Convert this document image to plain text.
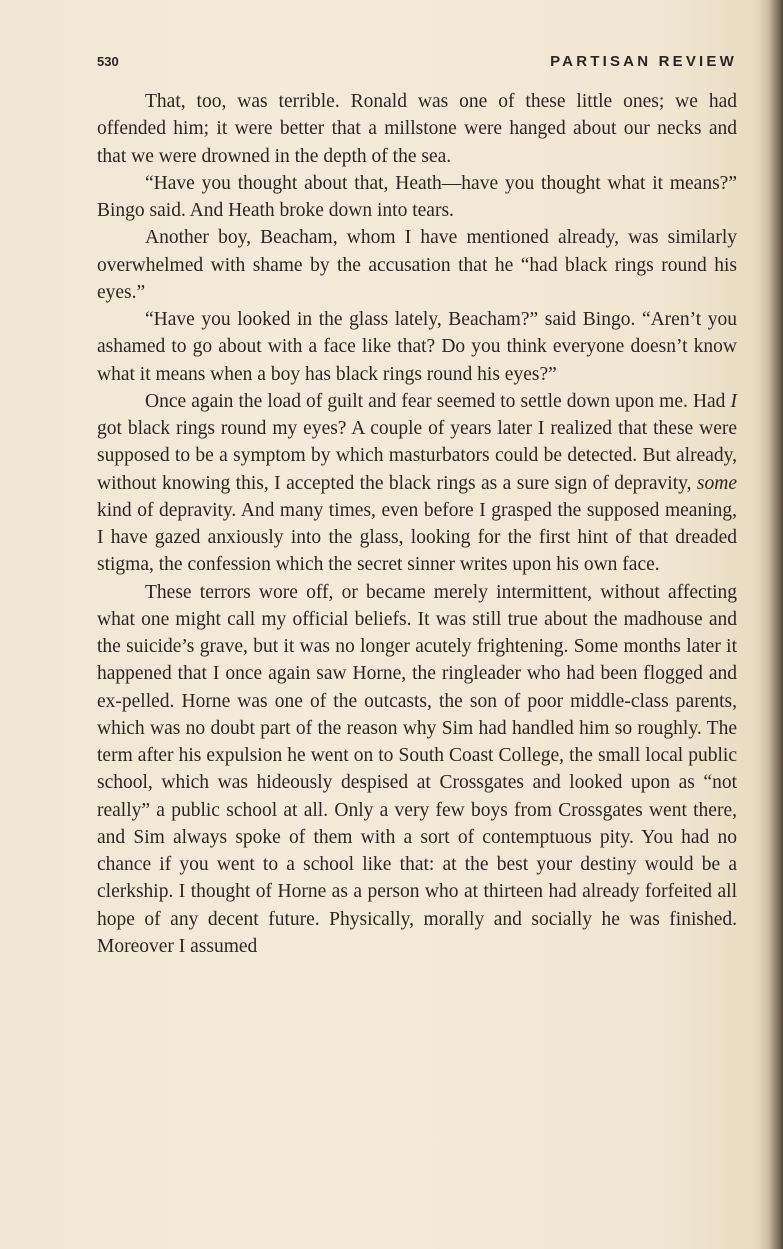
530	PARTISAN REVIEW

That, too, was terrible. Ronald was one of these little ones; we had offended him; it were better that a millstone were hanged about our necks and that we were drowned in the depth of the sea.

“Have you thought about that, Heath—have you thought what it means?” Bingo said. And Heath broke down into tears.

Another boy, Beacham, whom I have mentioned already, was similarly overwhelmed with shame by the accusation that he “had black rings round his eyes.”

“Have you looked in the glass lately, Beacham?” said Bingo. “Aren’t you ashamed to go about with a face like that? Do you think everyone doesn’t know what it means when a boy has black rings round his eyes?”

Once again the load of guilt and fear seemed to settle down upon me. Had I got black rings round my eyes? A couple of years later I realized that these were supposed to be a symptom by which masturbators could be detected. But already, without knowing this, I accepted the black rings as a sure sign of depravity, some kind of depravity. And many times, even before I grasped the supposed meaning, I have gazed anxiously into the glass, looking for the first hint of that dreaded stigma, the confession which the secret sinner writes upon his own face.

These terrors wore off, or became merely intermittent, without affecting what one might call my official beliefs. It was still true about the madhouse and the suicide’s grave, but it was no longer acutely frightening. Some months later it happened that I once again saw Horne, the ringleader who had been flogged and ex-pelled. Horne was one of the outcasts, the son of poor middle-class parents, which was no doubt part of the reason why Sim had handled him so roughly. The term after his expulsion he went on to South Coast College, the small local public school, which was hideously despised at Crossgates and looked upon as “not really” a public school at all. Only a very few boys from Crossgates went there, and Sim always spoke of them with a sort of contemptuous pity. You had no chance if you went to a school like that: at the best your destiny would be a clerkship. I thought of Horne as a person who at thirteen had already forfeited all hope of any decent future. Physically, morally and socially he was finished. Moreover I assumed
